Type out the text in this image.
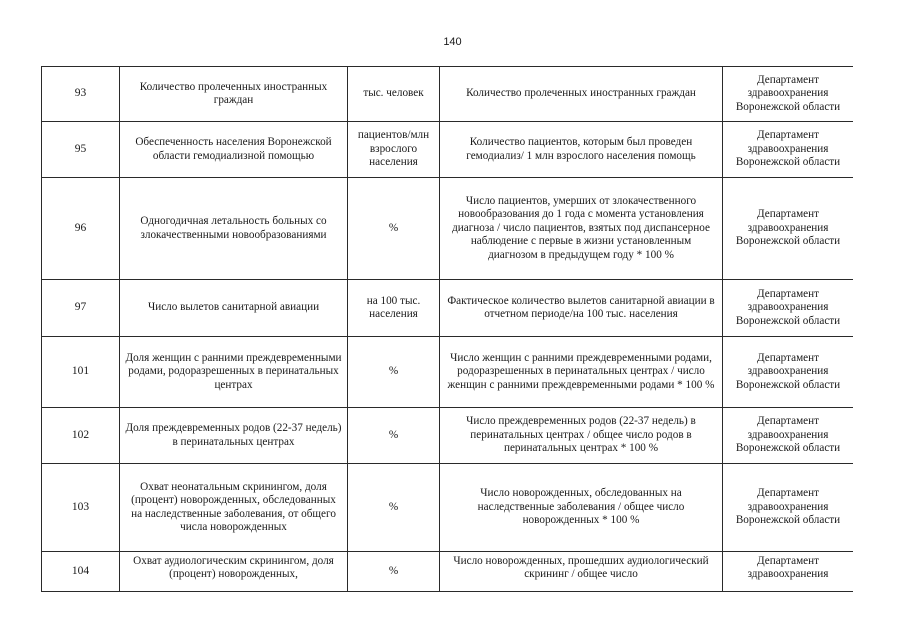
140
93	Количество пролеченных иностранных граждан	тыс. человек	Количество пролеченных иностранных граждан	Департамент здравоохранения Воронежской области
95	Обеспеченность населения Воронежской области гемодиализной помощью	пациентов/млн взрослого населения	Количество пациентов, которым был проведен гемодиализ/ 1 млн взрослого населения помощь	Департамент здравоохранения Воронежской области
96	Одногодичная летальность больных со злокачественными новообразованиями	%	Число пациентов, умерших от злокачественного новообразования до 1 года с момента установления диагноза / число пациентов, взятых под диспансерное наблюдение с первые в жизни установленным диагнозом в предыдущем году * 100 %	Департамент здравоохранения Воронежской области
97	Число вылетов санитарной авиации	на 100 тыс. населения	Фактическое количество вылетов санитарной авиации в отчетном периоде/на 100 тыс. населения	Департамент здравоохранения Воронежской области
101	Доля женщин с ранними преждевременными родами, родоразрешенных в перинатальных центрах	%	Число женщин с ранними преждевременными родами, родоразрешенных в перинатальных центрах / число женщин с ранними преждевременными родами * 100 %	Департамент здравоохранения Воронежской области
102	Доля преждевременных родов (22-37 недель) в перинатальных центрах	%	Число преждевременных родов (22-37 недель) в перинатальных центрах / общее число родов в перинатальных центрах * 100 %	Департамент здравоохранения Воронежской области
103	Охват неонатальным скринингом, доля (процент) новорожденных, обследованных на наследственные заболевания, от общего числа новорожденных	%	Число новорожденных, обследованных на наследственные заболевания / общее число новорожденных * 100 %	Департамент здравоохранения Воронежской области
104	Охват аудиологическим скринингом, доля (процент) новорожденных,	%	Число новорожденных, прошедших аудиологический скрининг / общее число	Департамент здравоохранения
